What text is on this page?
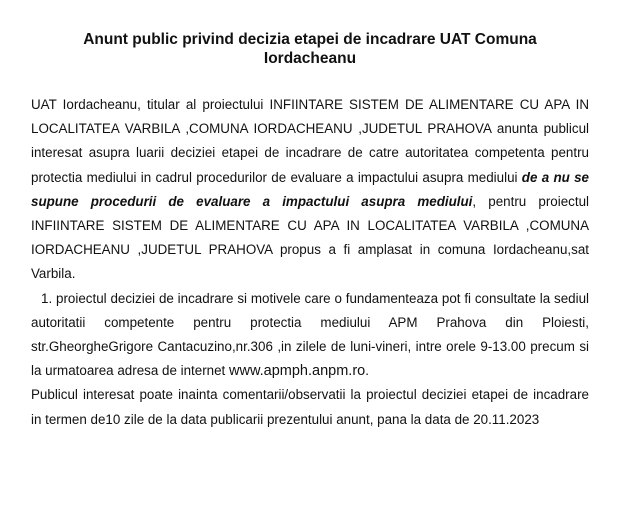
Anunt public privind decizia etapei de incadrare UAT Comuna Iordacheanu

UAT Iordacheanu, titular al proiectului INFIINTARE SISTEM DE ALIMENTARE CU APA IN LOCALITATEA VARBILA ,COMUNA IORDACHEANU ,JUDETUL PRAHOVA anunta publicul interesat asupra luarii deciziei etapei de incadrare de catre autoritatea competenta pentru protectia mediului in cadrul procedurilor de evaluare a impactului asupra mediului de a nu se supune procedurii de evaluare a impactului asupra mediului, pentru proiectul INFIINTARE SISTEM DE ALIMENTARE CU APA IN LOCALITATEA VARBILA ,COMUNA IORDACHEANU ,JUDETUL PRAHOVA propus a fi amplasat in comuna Iordacheanu,sat Varbila.

1. proiectul deciziei de incadrare si motivele care o fundamenteaza pot fi consultate la sediul autoritatii competente pentru protectia mediului APM Prahova din Ploiesti, str.GheorgheGrigore Cantacuzino,nr.306 ,in zilele de luni-vineri, intre orele 9-13.00 precum si la urmatoarea adresa de internet www.apmph.anpm.ro.

Publicul interesat poate inainta comentarii/observatii la proiectul deciziei etapei de incadrare in termen de10 zile de la data publicarii prezentului anunt, pana la data de 20.11.2023
